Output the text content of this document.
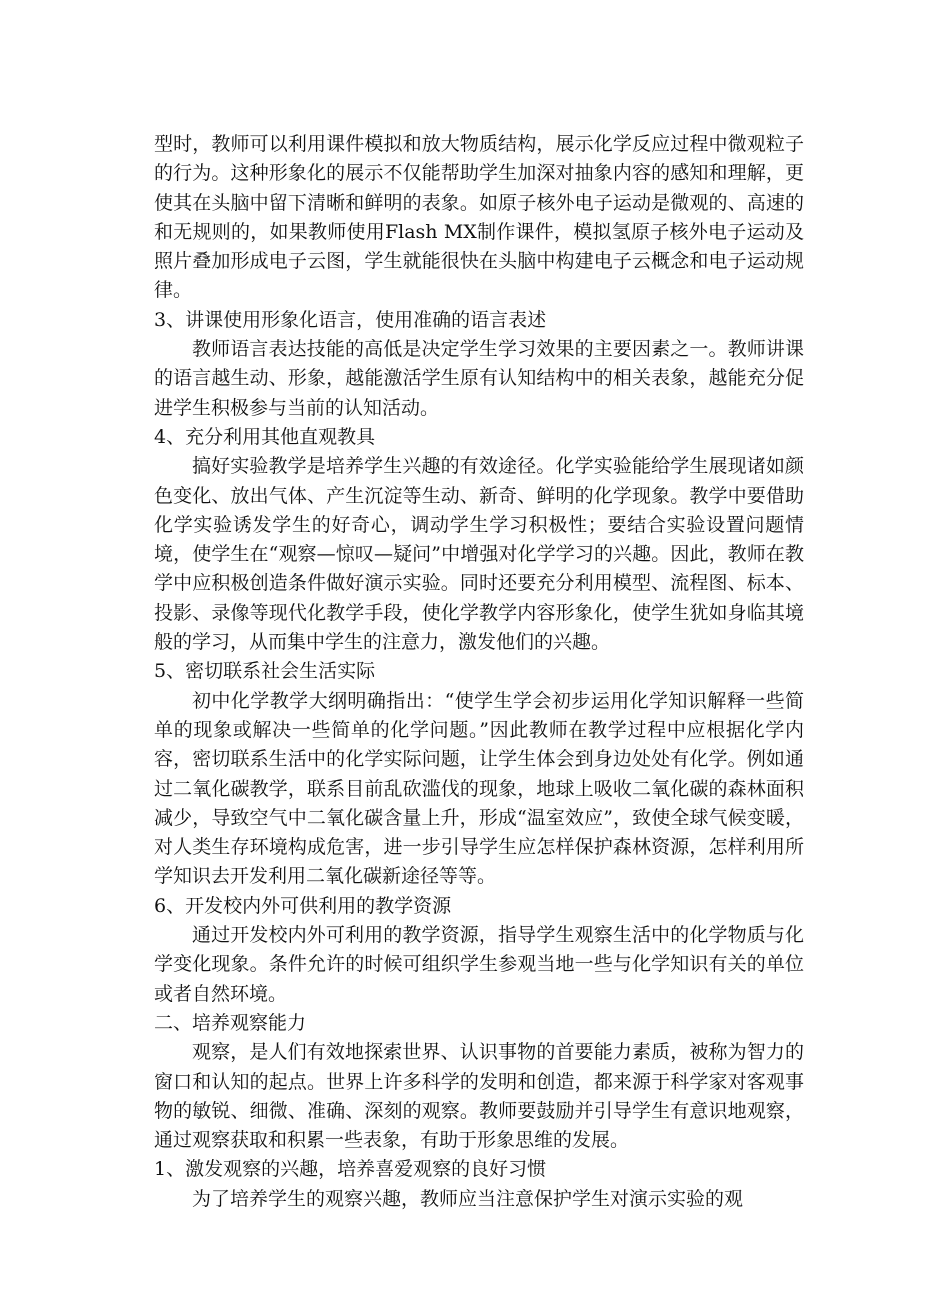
型时，教师可以利用课件模拟和放大物质结构，展示化学反应过程中微观粒子的行为。这种形象化的展示不仅能帮助学生加深对抽象内容的感知和理解，更使其在头脑中留下清晰和鲜明的表象。如原子核外电子运动是微观的、高速的和无规则的，如果教师使用Flash MX制作课件，模拟氢原子核外电子运动及照片叠加形成电子云图，学生就能很快在头脑中构建电子云概念和电子运动规律。

3、讲课使用形象化语言，使用准确的语言表述

教师语言表达技能的高低是决定学生学习效果的主要因素之一。教师讲课的语言越生动、形象，越能激活学生原有认知结构中的相关表象，越能充分促进学生积极参与当前的认知活动。

4、充分利用其他直观教具

搞好实验教学是培养学生兴趣的有效途径。化学实验能给学生展现诸如颜色变化、放出气体、产生沉淀等生动、新奇、鲜明的化学现象。教学中要借助化学实验诱发学生的好奇心，调动学生学习积极性；要结合实验设置问题情境，使学生在“观察—惊叹—疑问”中增强对化学学习的兴趣。因此，教师在教学中应积极创造条件做好演示实验。同时还要充分利用模型、流程图、标本、投影、录像等现代化教学手段，使化学教学内容形象化，使学生犹如身临其境般的学习，从而集中学生的注意力，激发他们的兴趣。

5、密切联系社会生活实际

初中化学教学大纲明确指出：“使学生学会初步运用化学知识解释一些简单的现象或解决一些简单的化学问题。”因此教师在教学过程中应根据化学内容，密切联系生活中的化学实际问题，让学生体会到身边处处有化学。例如通过二氧化碳教学，联系目前乱砍滥伐的现象，地球上吸收二氧化碳的森林面积减少，导致空气中二氧化碳含量上升，形成“温室效应”，致使全球气候变暖，对人类生存环境构成危害，进一步引导学生应怎样保护森林资源，怎样利用所学知识去开发利用二氧化碳新途径等等。

6、开发校内外可供利用的教学资源

通过开发校内外可利用的教学资源，指导学生观察生活中的化学物质与化学变化现象。条件允许的时候可组织学生参观当地一些与化学知识有关的单位或者自然环境。

二、培养观察能力

观察，是人们有效地探索世界、认识事物的首要能力素质，被称为智力的窗口和认知的起点。世界上许多科学的发明和创造，都来源于科学家对客观事物的敏锐、细微、准确、深刻的观察。教师要鼓励并引导学生有意识地观察，通过观察获取和积累一些表象，有助于形象思维的发展。

1、激发观察的兴趣，培养喜爱观察的良好习惯

为了培养学生的观察兴趣，教师应当注意保护学生对演示实验的观
